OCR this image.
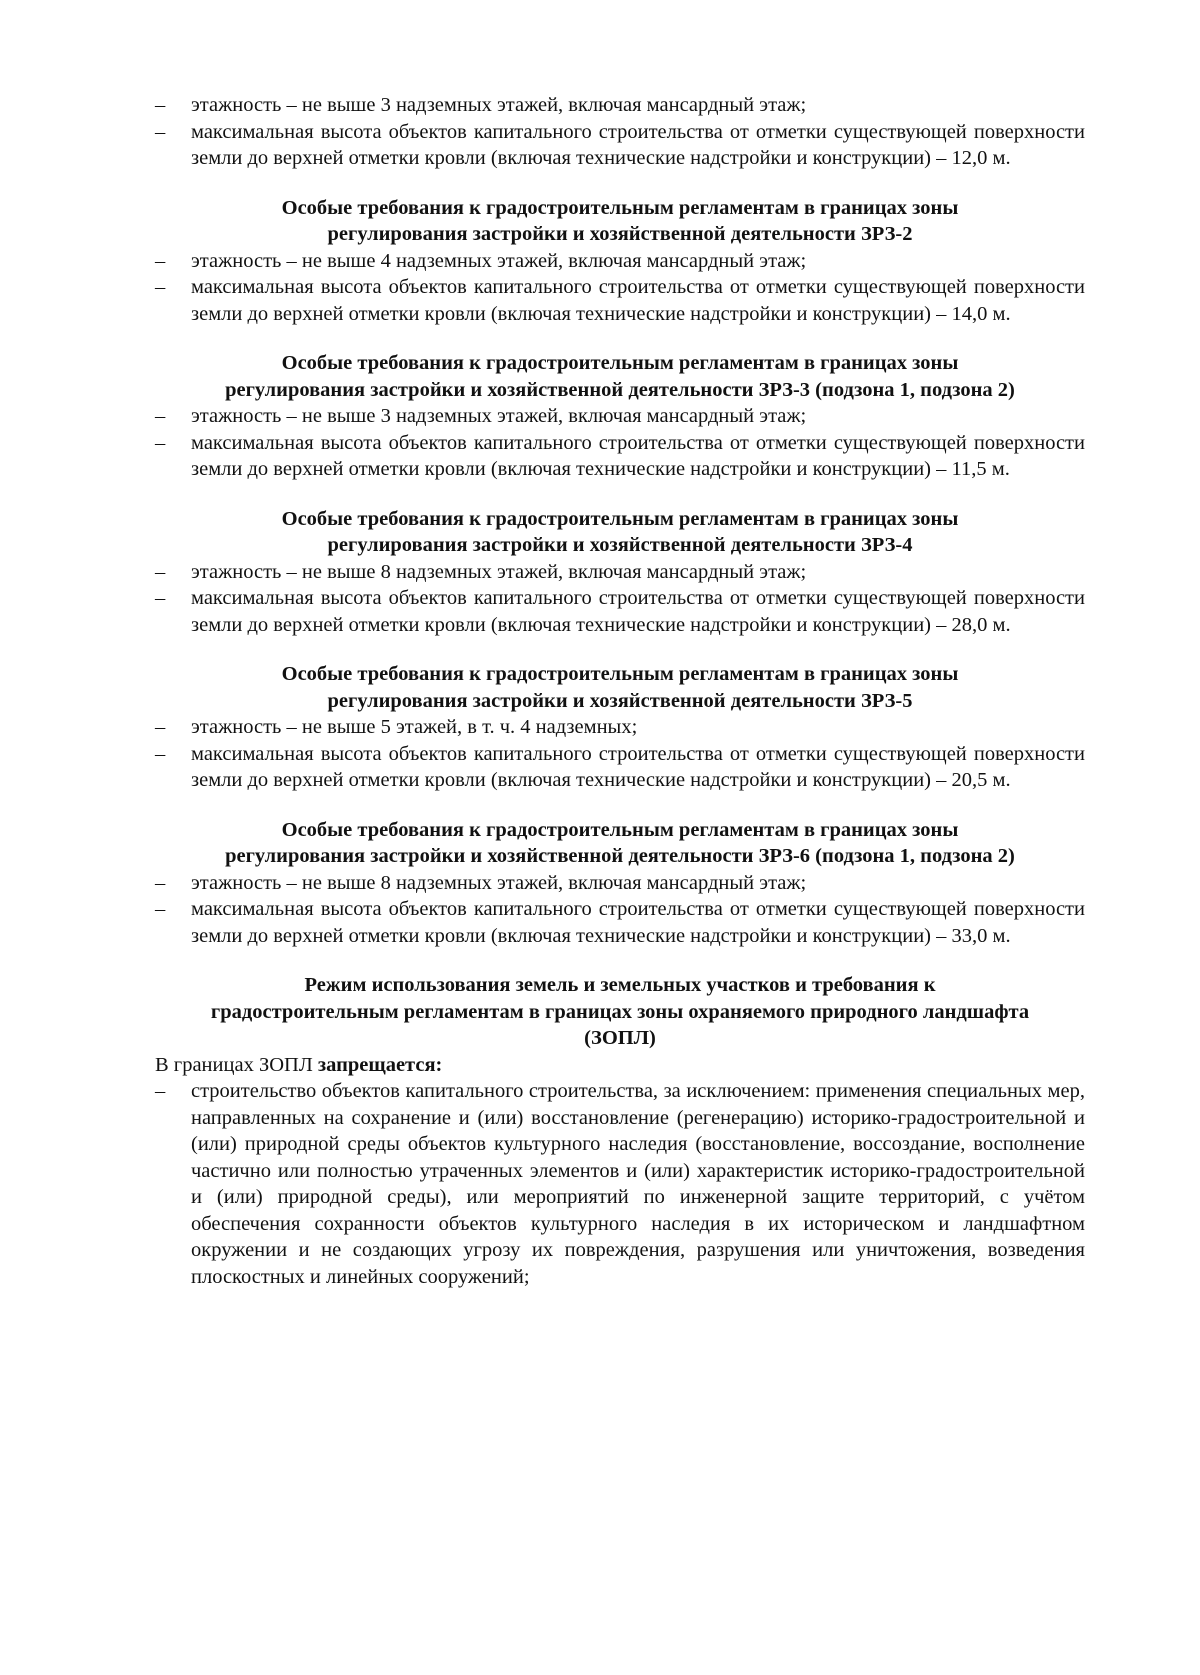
– этажность – не выше 3 надземных этажей, включая мансардный этаж;

– максимальная высота объектов капитального строительства от отметки существующей поверхности земли до верхней отметки кровли (включая технические надстройки и конструкции) – 12,0 м.

Особые требования к градостроительным регламентам в границах зоны
регулирования застройки и хозяйственной деятельности ЗРЗ-2

– этажность – не выше 4 надземных этажей, включая мансардный этаж;

– максимальная высота объектов капитального строительства от отметки существующей поверхности земли до верхней отметки кровли (включая технические надстройки и конструкции) – 14,0 м.

Особые требования к градостроительным регламентам в границах зоны
регулирования застройки и хозяйственной деятельности ЗРЗ-3 (подзона 1, подзона 2)

– этажность – не выше 3 надземных этажей, включая мансардный этаж;

– максимальная высота объектов капитального строительства от отметки существующей поверхности земли до верхней отметки кровли (включая технические надстройки и конструкции) – 11,5 м.

Особые требования к градостроительным регламентам в границах зоны
регулирования застройки и хозяйственной деятельности ЗРЗ-4

– этажность – не выше 8 надземных этажей, включая мансардный этаж;

– максимальная высота объектов капитального строительства от отметки существующей поверхности земли до верхней отметки кровли (включая технические надстройки и конструкции) – 28,0 м.

Особые требования к градостроительным регламентам в границах зоны
регулирования застройки и хозяйственной деятельности ЗРЗ-5

– этажность – не выше 5 этажей, в т. ч. 4 надземных;

– максимальная высота объектов капитального строительства от отметки существующей поверхности земли до верхней отметки кровли (включая технические надстройки и конструкции) – 20,5 м.

Особые требования к градостроительным регламентам в границах зоны
регулирования застройки и хозяйственной деятельности ЗРЗ-6 (подзона 1, подзона 2)

– этажность – не выше 8 надземных этажей, включая мансардный этаж;

– максимальная высота объектов капитального строительства от отметки существующей поверхности земли до верхней отметки кровли (включая технические надстройки и конструкции) – 33,0 м.

Режим использования земель и земельных участков и требования к
градостроительным регламентам в границах зоны охраняемого природного ландшафта
(ЗОПЛ)

В границах ЗОПЛ запрещается:

– строительство объектов капитального строительства, за исключением: применения специальных мер, направленных на сохранение и (или) восстановление (регенерацию) историко-градостроительной и (или) природной среды объектов культурного наследия (восстановление, воссоздание, восполнение частично или полностью утраченных элементов и (или) характеристик историко-градостроительной и (или) природной среды), или мероприятий по инженерной защите территорий, с учётом обеспечения сохранности объектов культурного наследия в их историческом и ландшафтном окружении и не создающих угрозу их повреждения, разрушения или уничтожения, возведения плоскостных и линейных сооружений;
